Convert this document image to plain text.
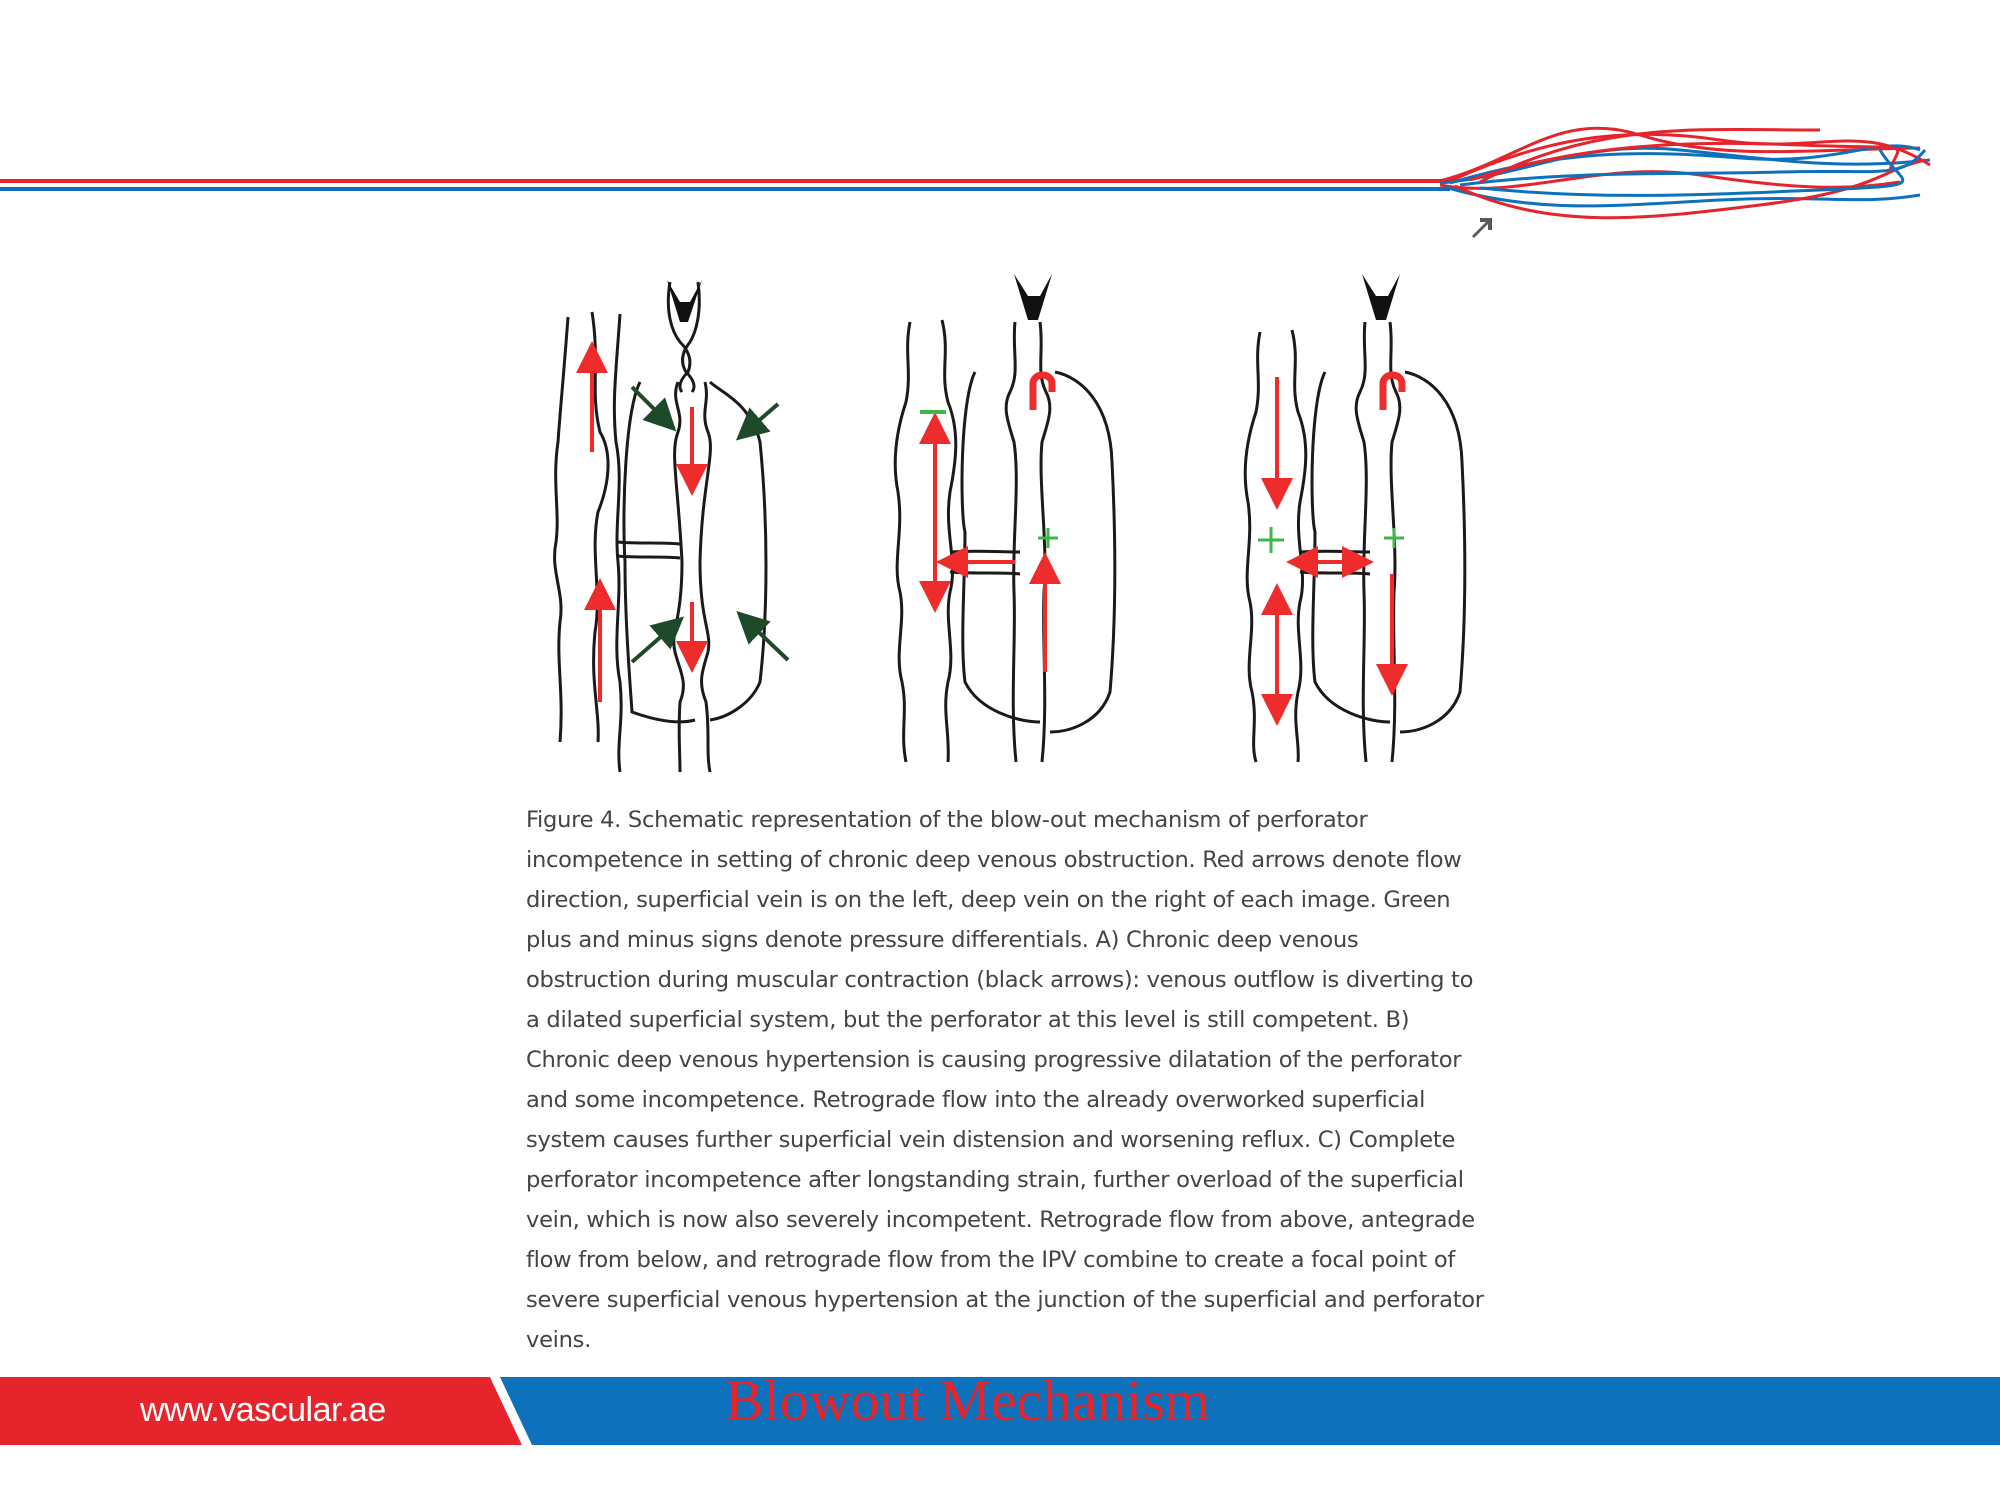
Figure 4. Schematic representation of the blow-out mechanism of perforator incompetence in setting of chronic deep venous obstruction. Red arrows denote flow direction, superficial vein is on the left, deep vein on the right of each image. Green plus and minus signs denote pressure differentials. A) Chronic deep venous obstruction during muscular contraction (black arrows): venous outflow is diverting to a dilated superficial system, but the perforator at this level is still competent. B) Chronic deep venous hypertension is causing progressive dilatation of the perforator and some incompetence. Retrograde flow into the already overworked superficial system causes further superficial vein distension and worsening reflux. C) Complete perforator incompetence after longstanding strain, further overload of the superficial vein, which is now also severely incompetent. Retrograde flow from above, antegrade flow from below, and retrograde flow from the IPV combine to create a focal point of severe superficial venous hypertension at the junction of the superficial and perforator veins.

www.vascular.ae	Blowout Mechanism
